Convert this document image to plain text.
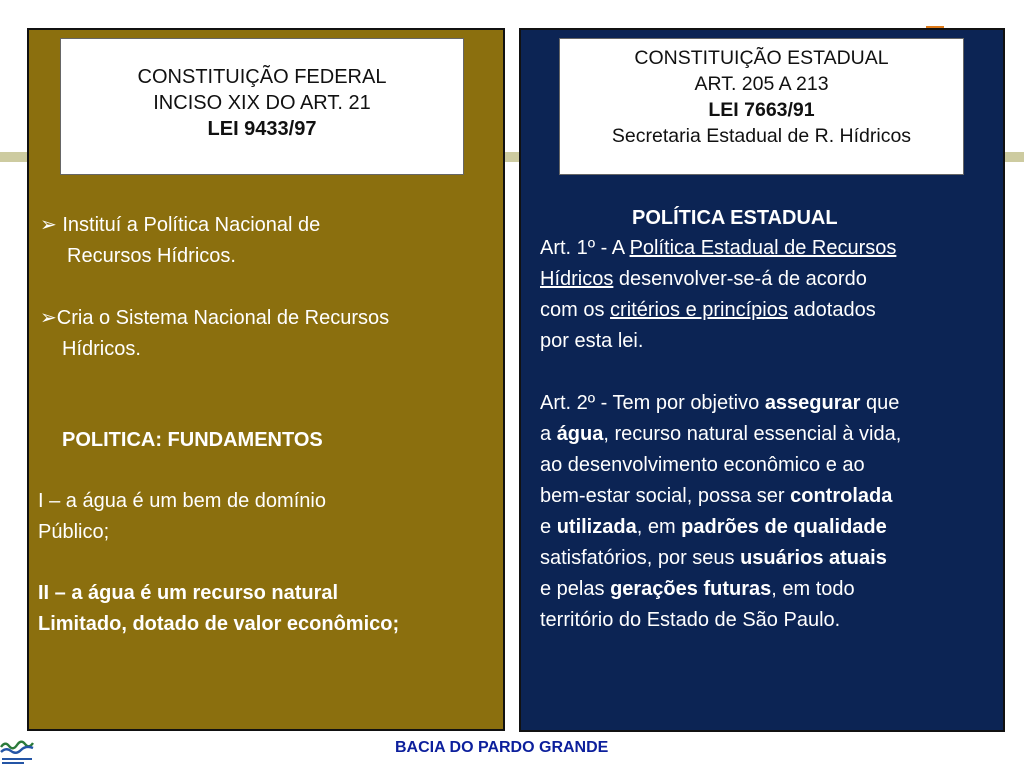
CONSTITUIÇÃO FEDERAL
INCISO XIX DO ART. 21
LEI 9433/97
➢ Instituí a Política Nacional de
Recursos Hídricos.
➢Cria o Sistema Nacional de Recursos
Hídricos.
POLITICA: FUNDAMENTOS
I – a água é um bem de domínio
Público;
II – a água é um recurso natural
Limitado, dotado de valor econômico;
CONSTITUIÇÃO ESTADUAL
ART. 205 A 213
LEI 7663/91
Secretaria Estadual de R. Hídricos
POLÍTICA ESTADUAL
Art. 1º - A Política Estadual de Recursos
Hídricos desenvolver-se-á de acordo
com os critérios e princípios adotados
por esta lei.
Art. 2º - Tem por objetivo assegurar que
a água, recurso natural essencial à vida,
ao desenvolvimento econômico e ao
bem-estar social, possa ser controlada
e utilizada, em padrões de qualidade
satisfatórios, por seus usuários atuais
e pelas gerações futuras, em todo
território do Estado de São Paulo.
BACIA DO PARDO GRANDE
